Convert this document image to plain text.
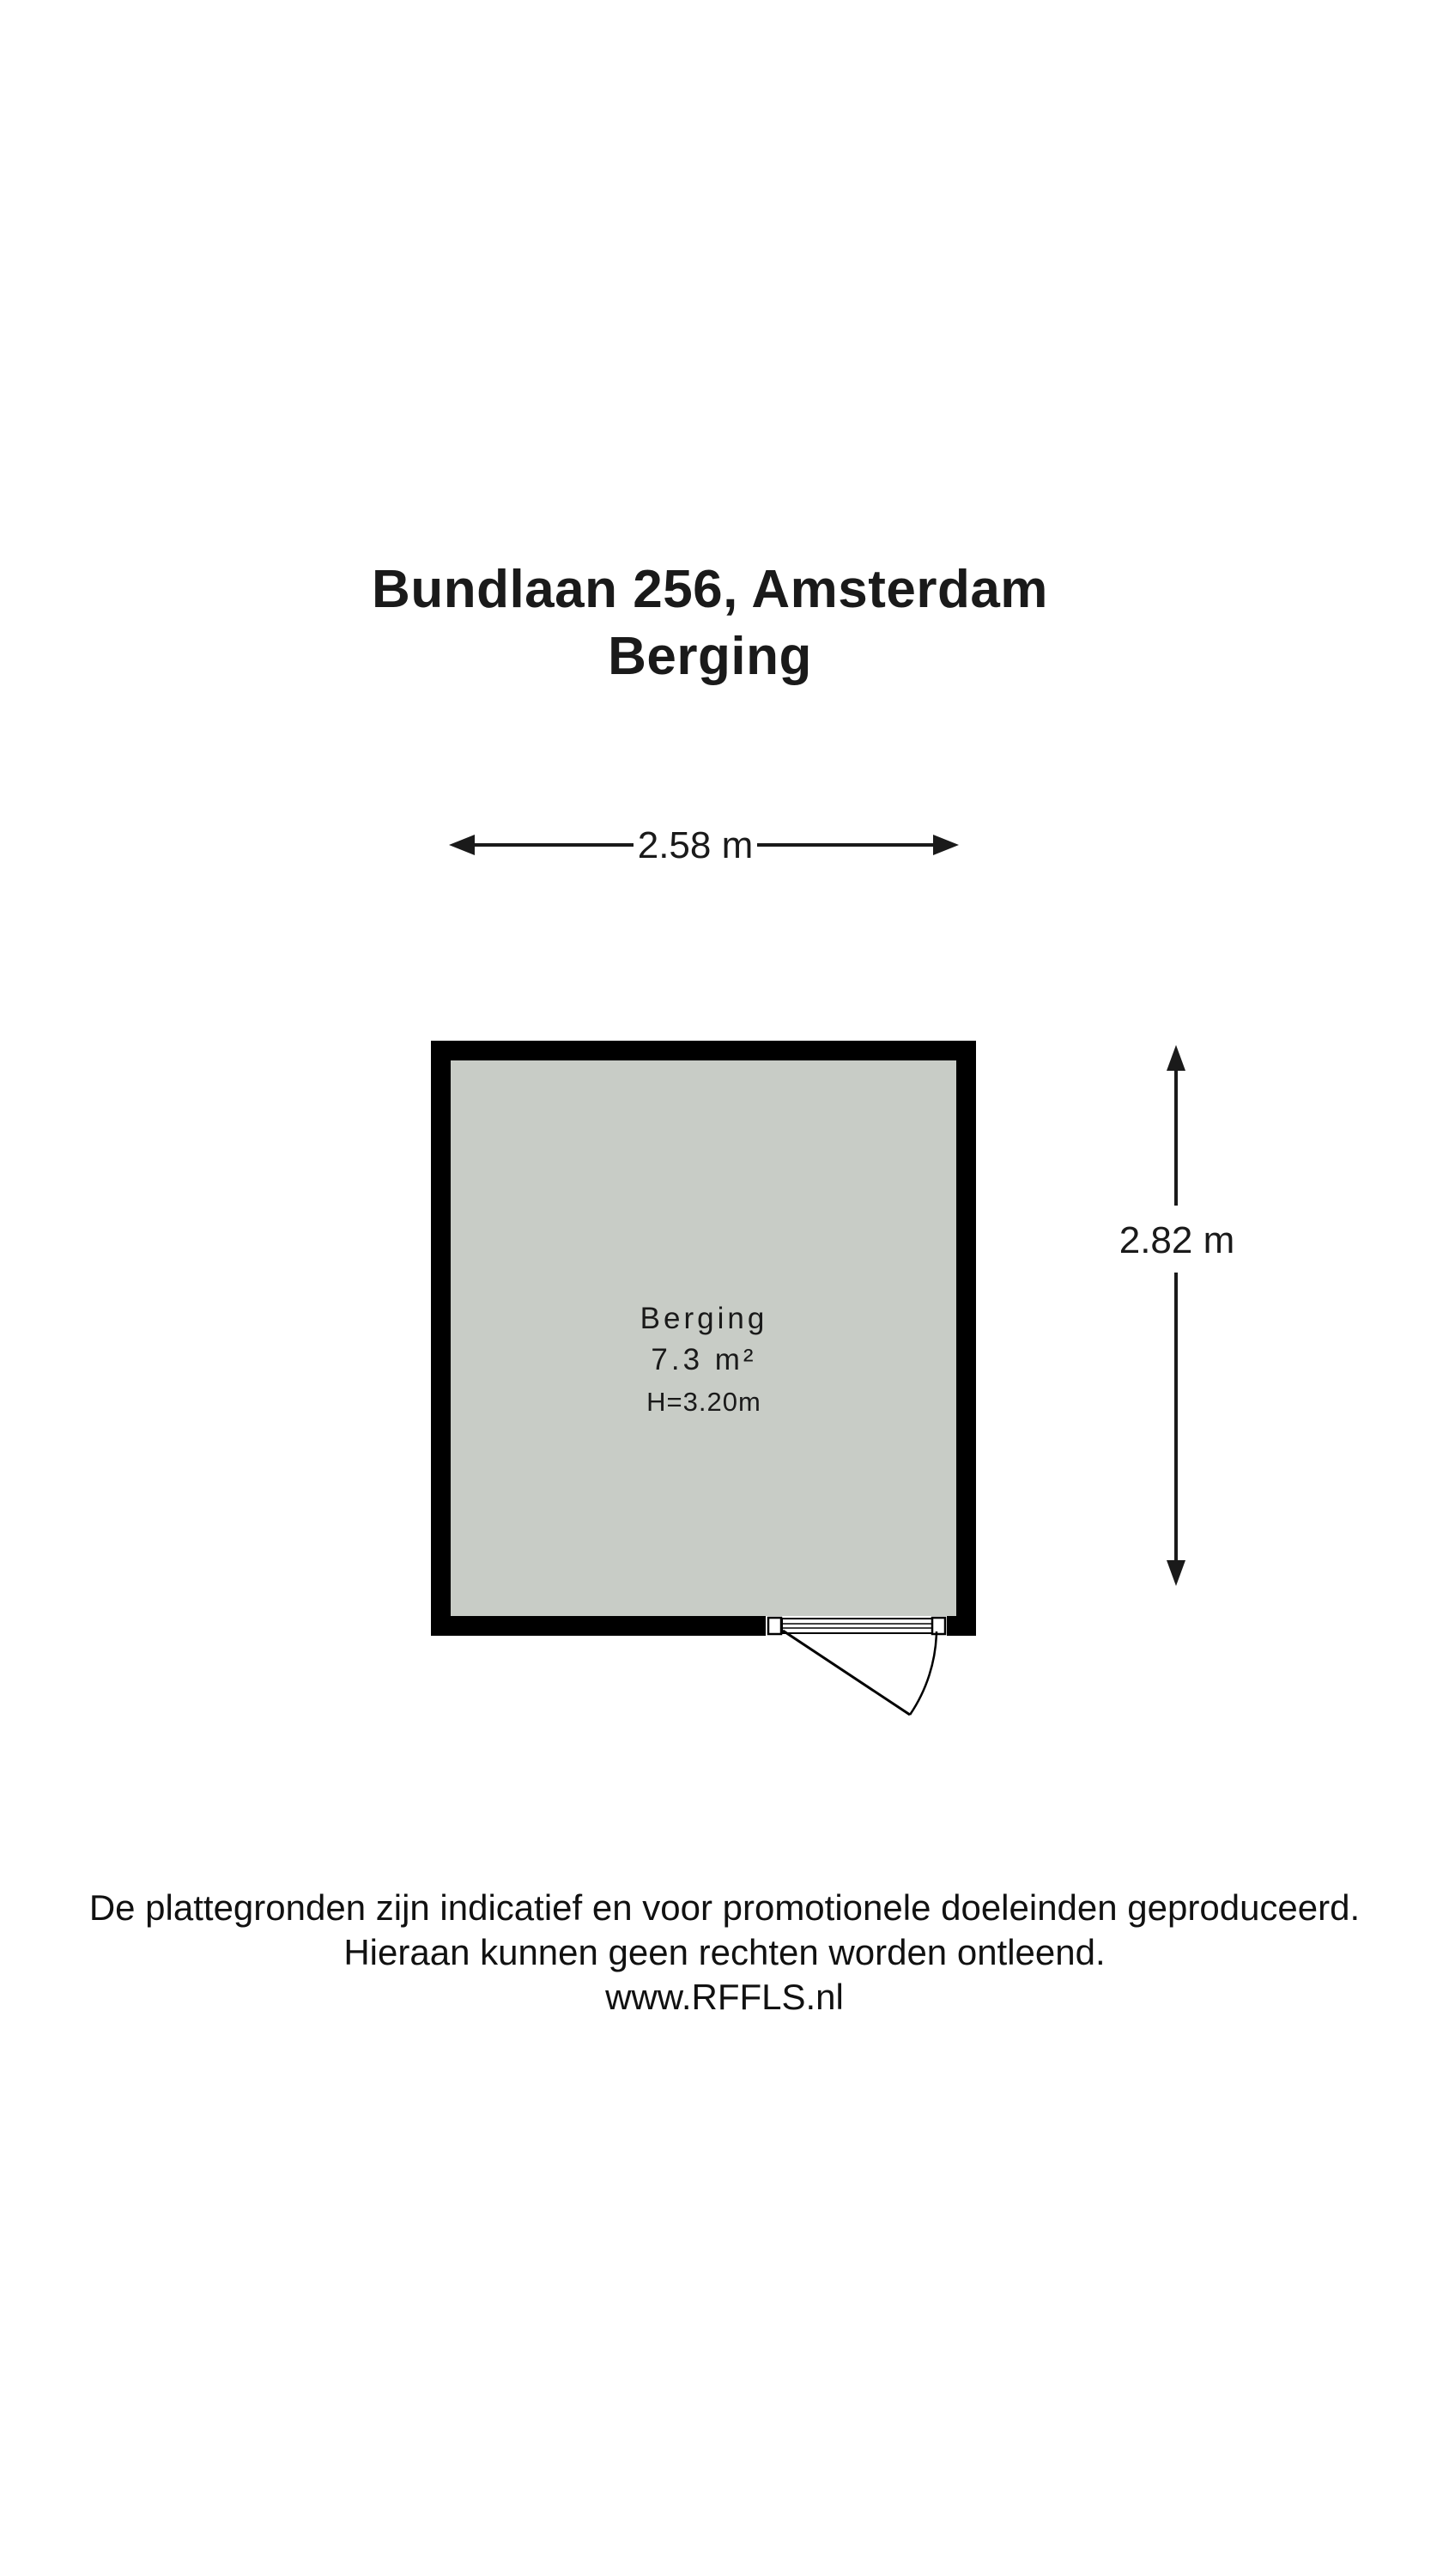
Bundlaan 256, Amsterdam
Berging
2.58 m
Berging
7.3 m²
H=3.20m
2.82 m
De plattegronden zijn indicatief en voor promotionele doeleinden geproduceerd.
Hieraan kunnen geen rechten worden ontleend.
www.RFFLS.nl
